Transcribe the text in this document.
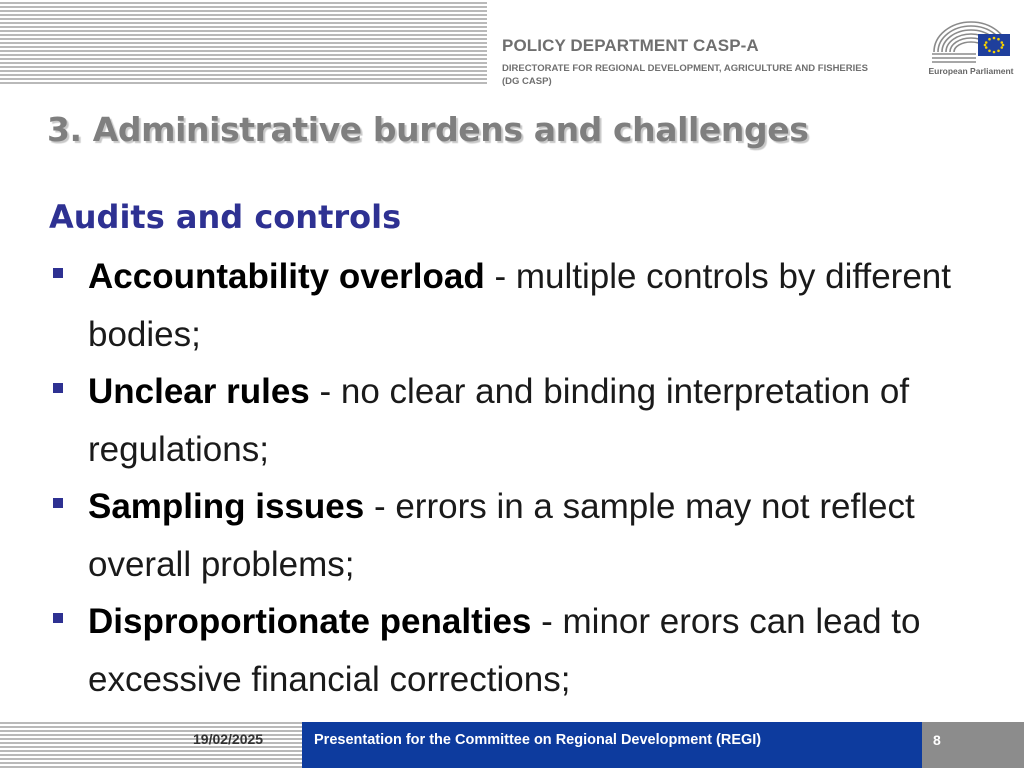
POLICY DEPARTMENT CASP-A
DIRECTORATE FOR REGIONAL DEVELOPMENT, AGRICULTURE AND FISHERIES
(DG CASP)
European Parliament
3. Administrative burdens and challenges
Audits and controls
Accountability overload - multiple controls by different bodies;
Unclear rules - no clear and binding interpretation of regulations;
Sampling issues - errors in a sample may not reflect overall problems;
Disproportionate penalties - minor erors can lead to excessive financial corrections;
19/02/2025	Presentation for the Committee on Regional Development (REGI)	8
